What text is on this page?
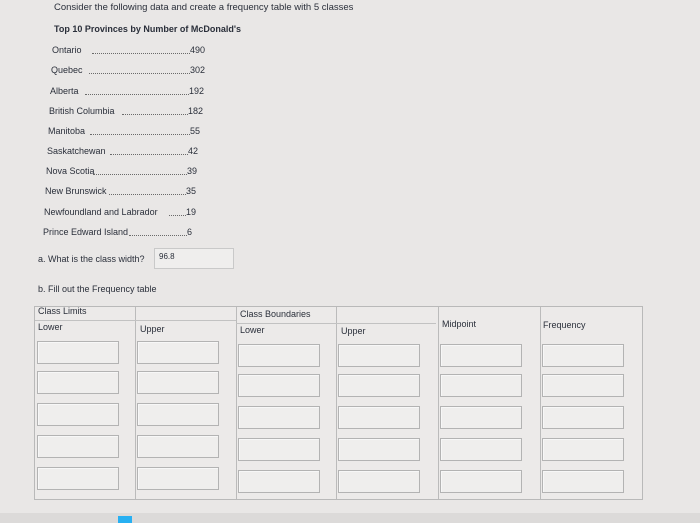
Consider the following data and create a frequency table with 5 classes
Top 10 Provinces by Number of McDonald's
Ontario	490
Quebec	302
Alberta	192
British Columbia	182
Manitoba	55
Saskatchewan	42
Nova Scotia	39
New Brunswick	35
Newfoundland and Labrador	19
Prince Edward Island	6
a. What is the class width? 96.8
b. Fill out the Frequency table
Class Limits
Lower	Upper
Class Boundaries
Lower	Upper
Midpoint	Frequency
